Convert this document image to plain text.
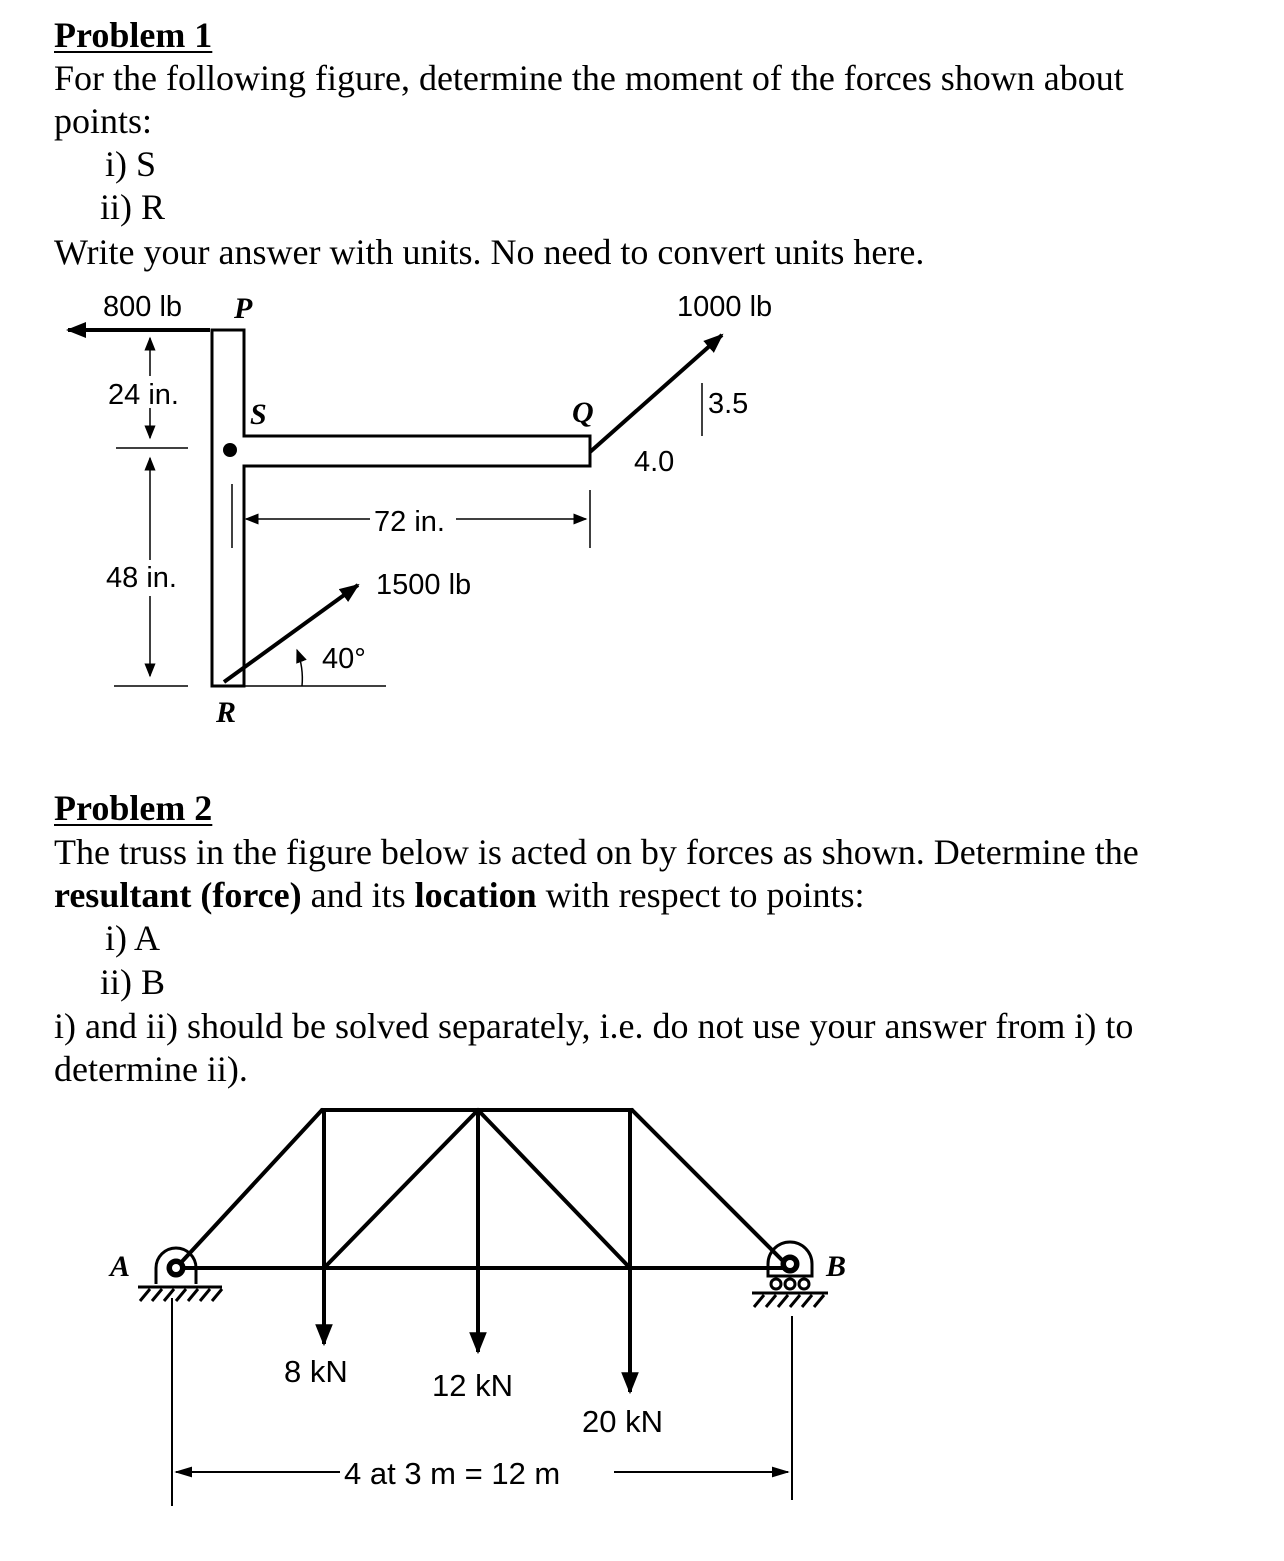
Problem 1
For the following figure, determine the moment of the forces shown about
points:
i) S
ii) R
Write your answer with units. No need to convert units here.
800 lb P	1000 lb
24 in.
S	Q	3.5
4.0
72 in.
48 in.	1500 lb
40°
R
Problem 2
The truss in the figure below is acted on by forces as shown. Determine the
resultant (force) and its location with respect to points:
i) A
ii) B
i) and ii) should be solved separately, i.e. do not use your answer from i) to
determine ii).
A	B
8 kN	12 kN
20 kN
4 at 3 m = 12 m
